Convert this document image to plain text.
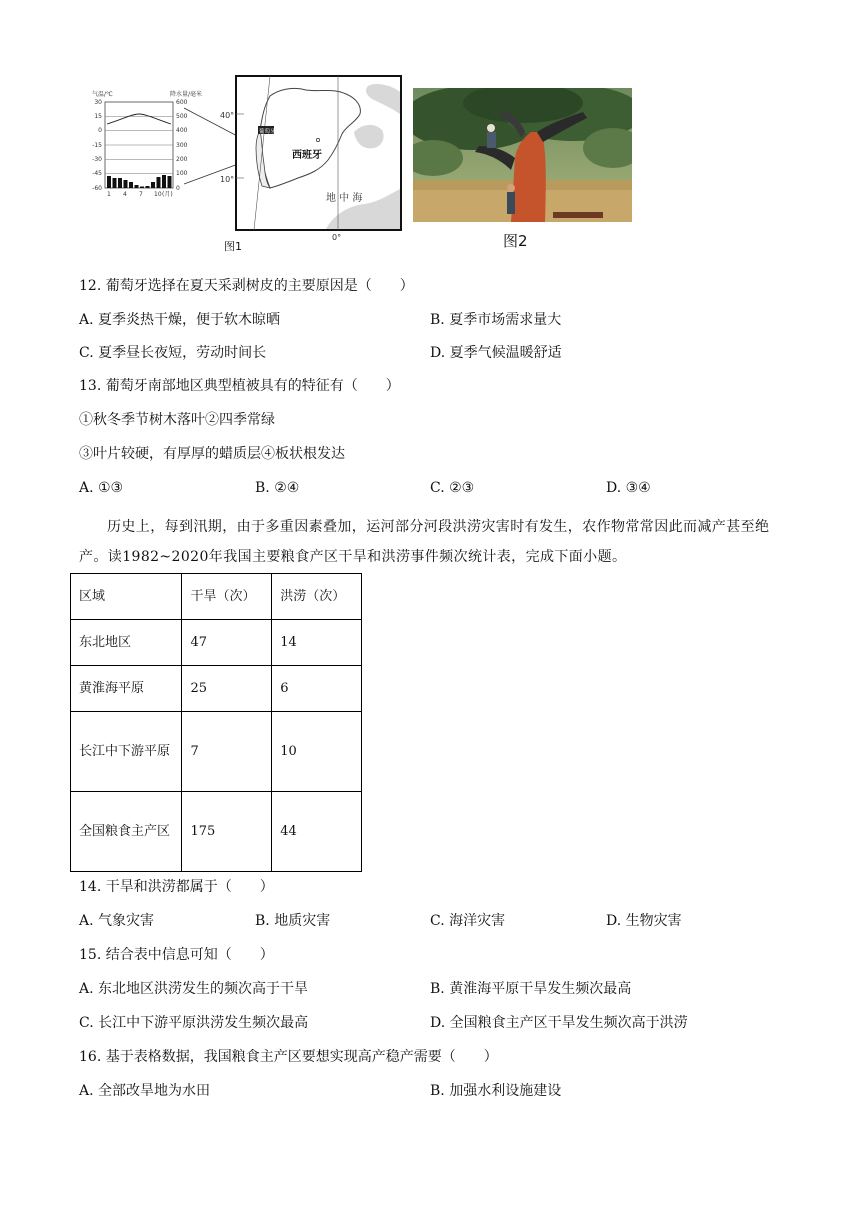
气温/℃	降水量/毫米
30
15
0
-15
-30
-45
-60
600
500
400
300
200
100
0
1 4 7 10 (月)
40°
10°
0°
葡萄牙
西班牙
地 中 海
图1	图2
12. 葡萄牙选择在夏天采剥树皮的主要原因是（　　）
A. 夏季炎热干燥，便于软木晾晒	B. 夏季市场需求量大
C. 夏季昼长夜短，劳动时间长	D. 夏季气候温暖舒适
13. 葡萄牙南部地区典型植被具有的特征有（　　）
①秋冬季节树木落叶②四季常绿
③叶片较硬，有厚厚的蜡质层④板状根发达
A. ①③	B. ②④	C. ②③	D. ③④
历史上，每到汛期，由于多重因素叠加，运河部分河段洪涝灾害时有发生，农作物常常因此而减产甚至绝产。读1982~2020年我国主要粮食产区干旱和洪涝事件频次统计表，完成下面小题。
区域	干旱（次）	洪涝（次）
东北地区	47	14
黄淮海平原	25	6
长江中下游平原	7	10
全国粮食主产区	175	44
14. 干旱和洪涝都属于（　　）
A. 气象灾害	B. 地质灾害	C. 海洋灾害	D. 生物灾害
15. 结合表中信息可知（　　）
A. 东北地区洪涝发生的频次高于干旱	B. 黄淮海平原干旱发生频次最高
C. 长江中下游平原洪涝发生频次最高	D. 全国粮食主产区干旱发生频次高于洪涝
16. 基于表格数据，我国粮食主产区要想实现高产稳产需要（　　）
A. 全部改旱地为水田	B. 加强水利设施建设
